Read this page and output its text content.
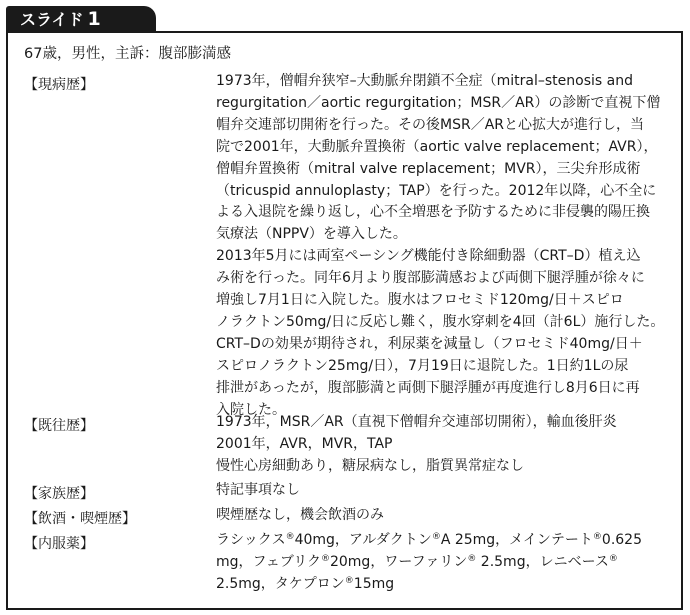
スライド 1
67歳，男性，主訴：腹部膨満感
【現病歴】	1973年，僧帽弁狭窄–大動脈弁閉鎖不全症（mitral–stenosis and
regurgitation／aortic regurgitation；MSR／AR）の診断で直視下僧
帽弁交連部切開術を行った。その後MSR／ARと心拡大が進行し，当
院で2001年，大動脈弁置換術（aortic valve replacement；AVR），
僧帽弁置換術（mitral valve replacement；MVR），三尖弁形成術
（tricuspid annuloplasty；TAP）を行った。2012年以降，心不全に
よる入退院を繰り返し，心不全増悪を予防するために非侵襲的陽圧換
気療法（NPPV）を導入した。
2013年5月には両室ペーシング機能付き除細動器（CRT–D）植え込
み術を行った。同年6月より腹部膨満感および両側下腿浮腫が徐々に
増強し7月1日に入院した。腹水はフロセミド120mg/日＋スピロ
ノラクトン50mg/日に反応し難く，腹水穿刺を4回（計6L）施行した。
CRT–Dの効果が期待され，利尿薬を減量し（フロセミド40mg/日＋
スピロノラクトン25mg/日），7月19日に退院した。1日約1Lの尿
排泄があったが，腹部膨満と両側下腿浮腫が再度進行し8月6日に再
入院した。
【既往歴】	1973年，MSR／AR（直視下僧帽弁交連部切開術），輸血後肝炎
2001年，AVR，MVR，TAP
慢性心房細動あり，糖尿病なし，脂質異常症なし
【家族歴】	特記事項なし
【飲酒・喫煙歴】	喫煙歴なし，機会飲酒のみ
【内服薬】	ラシックス®40mg，アルダクトン®A 25mg，メインテート®0.625
mg，フェブリク®20mg，ワーファリン® 2.5mg，レニベース®
2.5mg，タケプロン®15mg
